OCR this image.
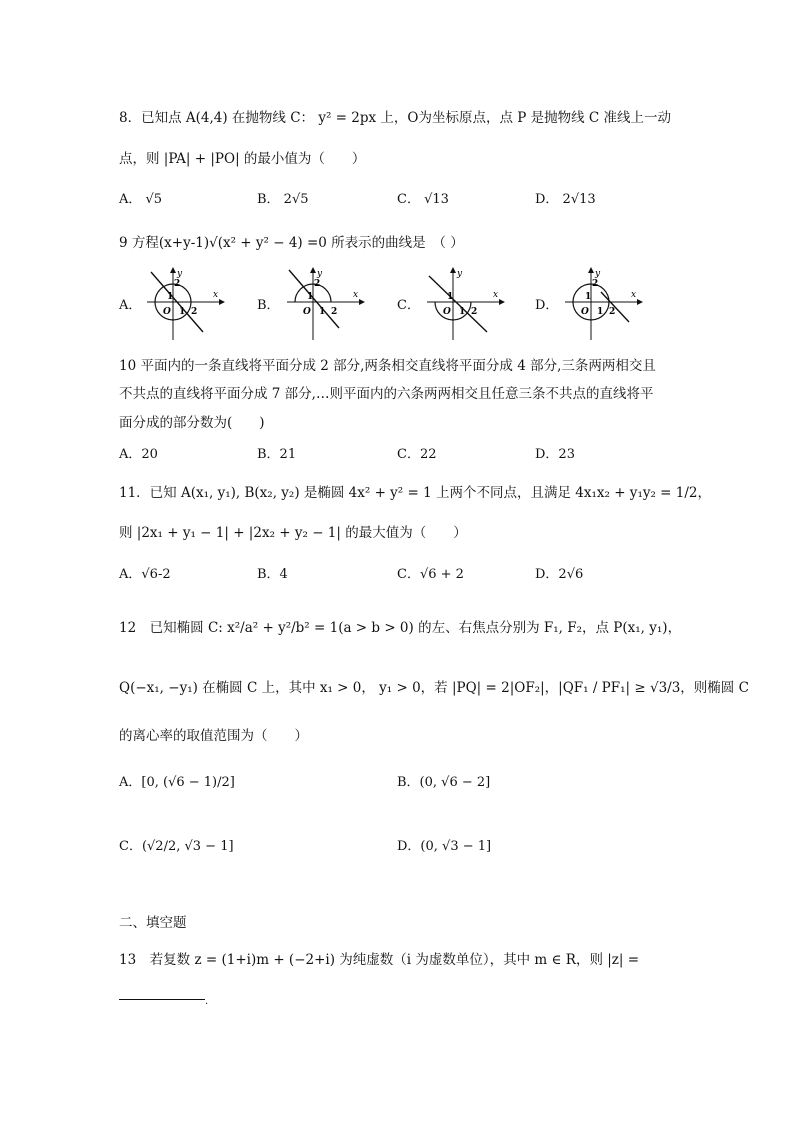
8．已知点 A(4,4) 在抛物线 C： y² = 2px 上，O为坐标原点，点 P 是抛物线 C 准线上一动
点，则 |PA| + |PO| 的最小值为（　　）
A． √5	B． 2√5	C． √13	D． 2√13
9 方程(x+y-1)√(x² + y² − 4) =0 所表示的曲线是　（ ）
A．	B．	C．	D．
y
x
2
1
O 1 2
y
x
2
1
O 1 2
y
x
1
O 1 2
y
x
2
1
O 1 2
10 平面内的一条直线将平面分成 2 部分,两条相交直线将平面分成 4 部分,三条两两相交且
不共点的直线将平面分成 7 部分,…则平面内的六条两两相交且任意三条不共点的直线将平
面分成的部分数为(　　)
A．20	B．21	C．22	D．23
11．已知 A(x₁, y₁), B(x₂, y₂) 是椭圆 4x² + y² = 1 上两个不同点，且满足 4x₁x₂ + y₁y₂ = 1/2，
则 |2x₁ + y₁ − 1| + |2x₂ + y₂ − 1| 的最大值为（　　）
A．√6-2	B．4	C．√6 + 2	D．2√6
12　已知椭圆 C: x²/a² + y²/b² = 1(a > b > 0) 的左、右焦点分别为 F₁, F₂，点 P(x₁, y₁)，
Q(−x₁, −y₁) 在椭圆 C 上，其中 x₁ > 0， y₁ > 0，若 |PQ| = 2|OF₂|，|QF₁ / PF₁| ≥ √3/3，则椭圆 C
的离心率的取值范围为（　　）
A．[0, (√6 − 1)/2]	B．(0, √6 − 2]
C．(√2/2, √3 − 1]	D．(0, √3 − 1]
二、填空题
13　若复数 z = (1+i)m + (−2+i) 为纯虚数（i 为虚数单位），其中 m ∈ R，则 |z| =
.
